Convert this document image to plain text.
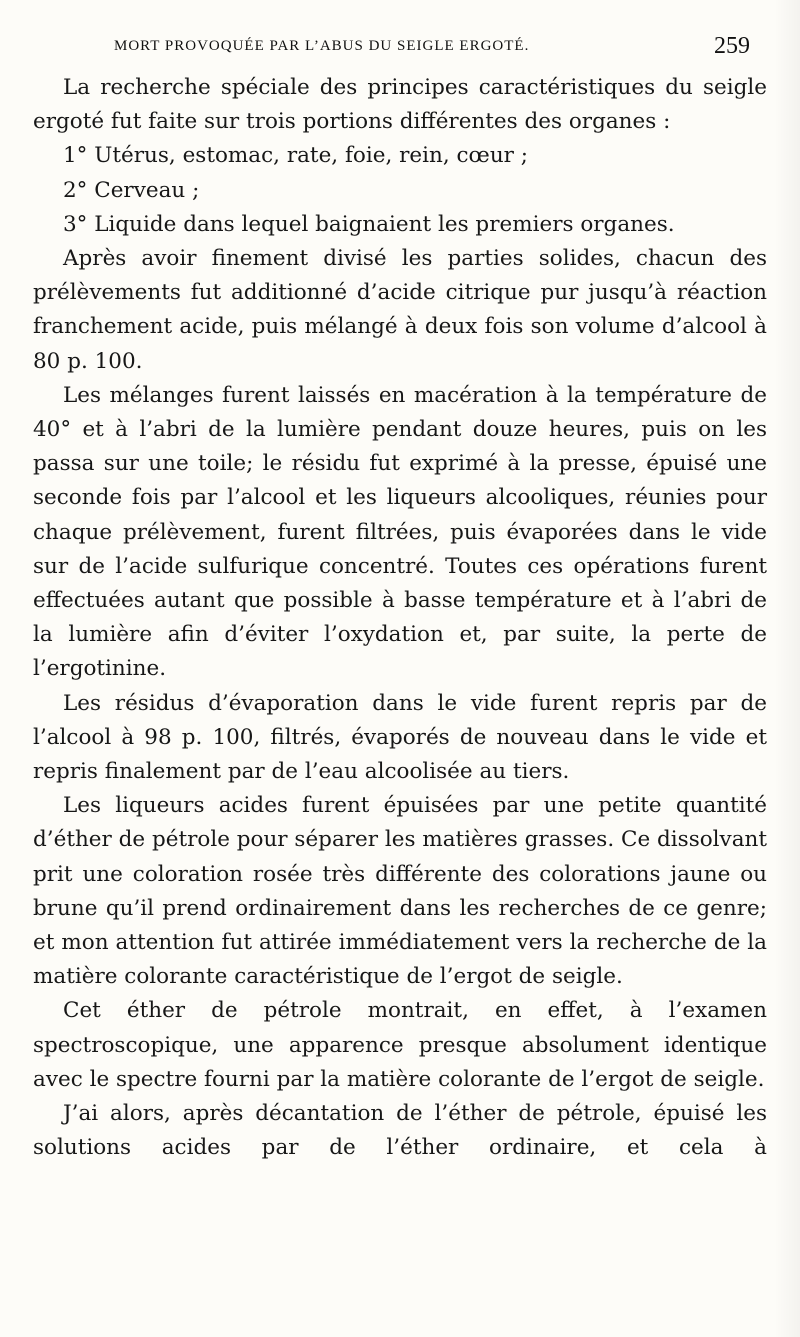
MORT PROVOQUÉE PAR L’ABUS DU SEIGLE ERGOTÉ.	259

La recherche spéciale des principes caractéristiques du seigle ergoté fut faite sur trois portions différentes des organes :

1° Utérus, estomac, rate, foie, rein, cœur ;

2° Cerveau ;

3° Liquide dans lequel baignaient les premiers organes.

Après avoir finement divisé les parties solides, chacun des prélèvements fut additionné d’acide citrique pur jusqu’à réaction franchement acide, puis mélangé à deux fois son volume d’alcool à 80 p. 100.

Les mélanges furent laissés en macération à la température de 40° et à l’abri de la lumière pendant douze heures, puis on les passa sur une toile; le résidu fut exprimé à la presse, épuisé une seconde fois par l’alcool et les liqueurs alcooliques, réunies pour chaque prélèvement, furent filtrées, puis évaporées dans le vide sur de l’acide sulfurique concentré. Toutes ces opérations furent effectuées autant que possible à basse température et à l’abri de la lumière afin d’éviter l’oxydation et, par suite, la perte de l’ergotinine.

Les résidus d’évaporation dans le vide furent repris par de l’alcool à 98 p. 100, filtrés, évaporés de nouveau dans le vide et repris finalement par de l’eau alcoolisée au tiers.

Les liqueurs acides furent épuisées par une petite quantité d’éther de pétrole pour séparer les matières grasses. Ce dissolvant prit une coloration rosée très différente des colorations jaune ou brune qu’il prend ordinairement dans les recherches de ce genre; et mon attention fut attirée immédiatement vers la recherche de la matière colorante caractéristique de l’ergot de seigle.

Cet éther de pétrole montrait, en effet, à l’examen spectroscopique, une apparence presque absolument identique avec le spectre fourni par la matière colorante de l’ergot de seigle.

J’ai alors, après décantation de l’éther de pétrole, épuisé les solutions acides par de l’éther ordinaire, et cela à
